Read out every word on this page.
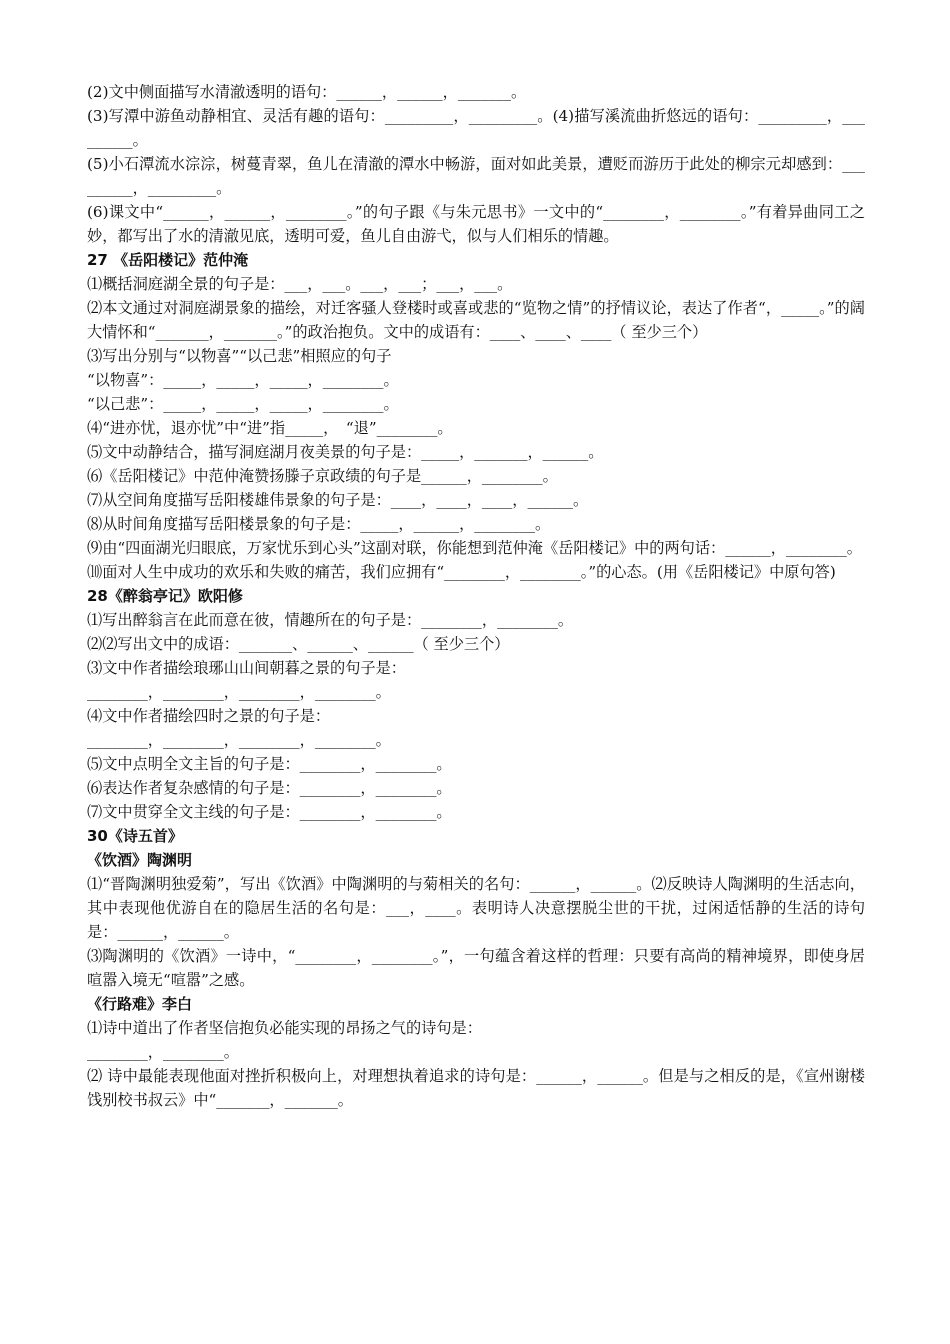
(2)文中侧面描写水清澈透明的语句：______，______，_______。

(3)写潭中游鱼动静相宜、灵活有趣的语句：_________，_________。(4)描写溪流曲折悠远的语句：_________，_________。

(5)小石潭流水淙淙，树蔓青翠，鱼儿在清澈的潭水中畅游，面对如此美景，遭贬而游历于此处的柳宗元却感到：_________，_________。

(6)课文中“______，______，________。”的句子跟《与朱元思书》一文中的“________，________。”有着异曲同工之妙，都写出了水的清澈见底，透明可爱，鱼儿自由游弋，似与人们相乐的情趣。

27 《岳阳楼记》范仲淹

⑴概括洞庭湖全景的句子是：___，___。___，___；___，___。

⑵本文通过对洞庭湖景象的描绘，对迁客骚人登楼时或喜或悲的“览物之情”的抒情议论，表达了作者“，_____。”的阔大情怀和“_______，_______。”的政治抱负。文中的成语有：____、____、____（ 至少三个）

⑶写出分别与“以物喜”“以己悲”相照应的句子

“以物喜”：_____，_____，_____，________。

“以己悲”：_____，_____，_____，________。

⑷“进亦忧，退亦忧”中“进”指_____，　“退”________。

⑸文中动静结合，描写洞庭湖月夜美景的句子是：_____，_______，______。

⑹《岳阳楼记》中范仲淹赞扬滕子京政绩的句子是______，________。

⑺从空间角度描写岳阳楼雄伟景象的句子是：____，____，____，______。

⑻从时间角度描写岳阳楼景象的句子是：_____，______，________。

⑼由“四面湖光归眼底，万家忧乐到心头”这副对联，你能想到范仲淹《岳阳楼记》中的两句话：______，________。

⑽面对人生中成功的欢乐和失败的痛苦，我们应拥有“________，________。”的心态。(用《岳阳楼记》中原句答)

28《醉翁亭记》欧阳修

⑴写出醉翁言在此而意在彼，情趣所在的句子是：________，________。

⑵⑵写出文中的成语：_______、______、______（ 至少三个）

⑶文中作者描绘琅琊山山间朝暮之景的句子是：

________，________，________，________。

⑷文中作者描绘四时之景的句子是：

________，________，________，________。

⑸文中点明全文主旨的句子是：________，________。

⑹表达作者复杂感情的句子是：________，________。

⑺文中贯穿全文主线的句子是：________，________。

30《诗五首》

《饮酒》陶渊明

⑴“晋陶渊明独爱菊”，写出《饮酒》中陶渊明的与菊相关的名句：______，______。⑵反映诗人陶渊明的生活志向，其中表现他优游自在的隐居生活的名句是：___，____。表明诗人决意摆脱尘世的干扰，过闲适恬静的生活的诗句是：______，______。

⑶陶渊明的《饮酒》一诗中，“________，________。”，一句蕴含着这样的哲理：只要有高尚的精神境界，即使身居喧嚣入境无“喧嚣”之感。

《行路难》李白

⑴诗中道出了作者坚信抱负必能实现的昂扬之气的诗句是：

________，________。

⑵ 诗中最能表现他面对挫折积极向上，对理想执着追求的诗句是：______，______。但是与之相反的是，《宣州谢楼饯别校书叔云》中“_______，_______。
